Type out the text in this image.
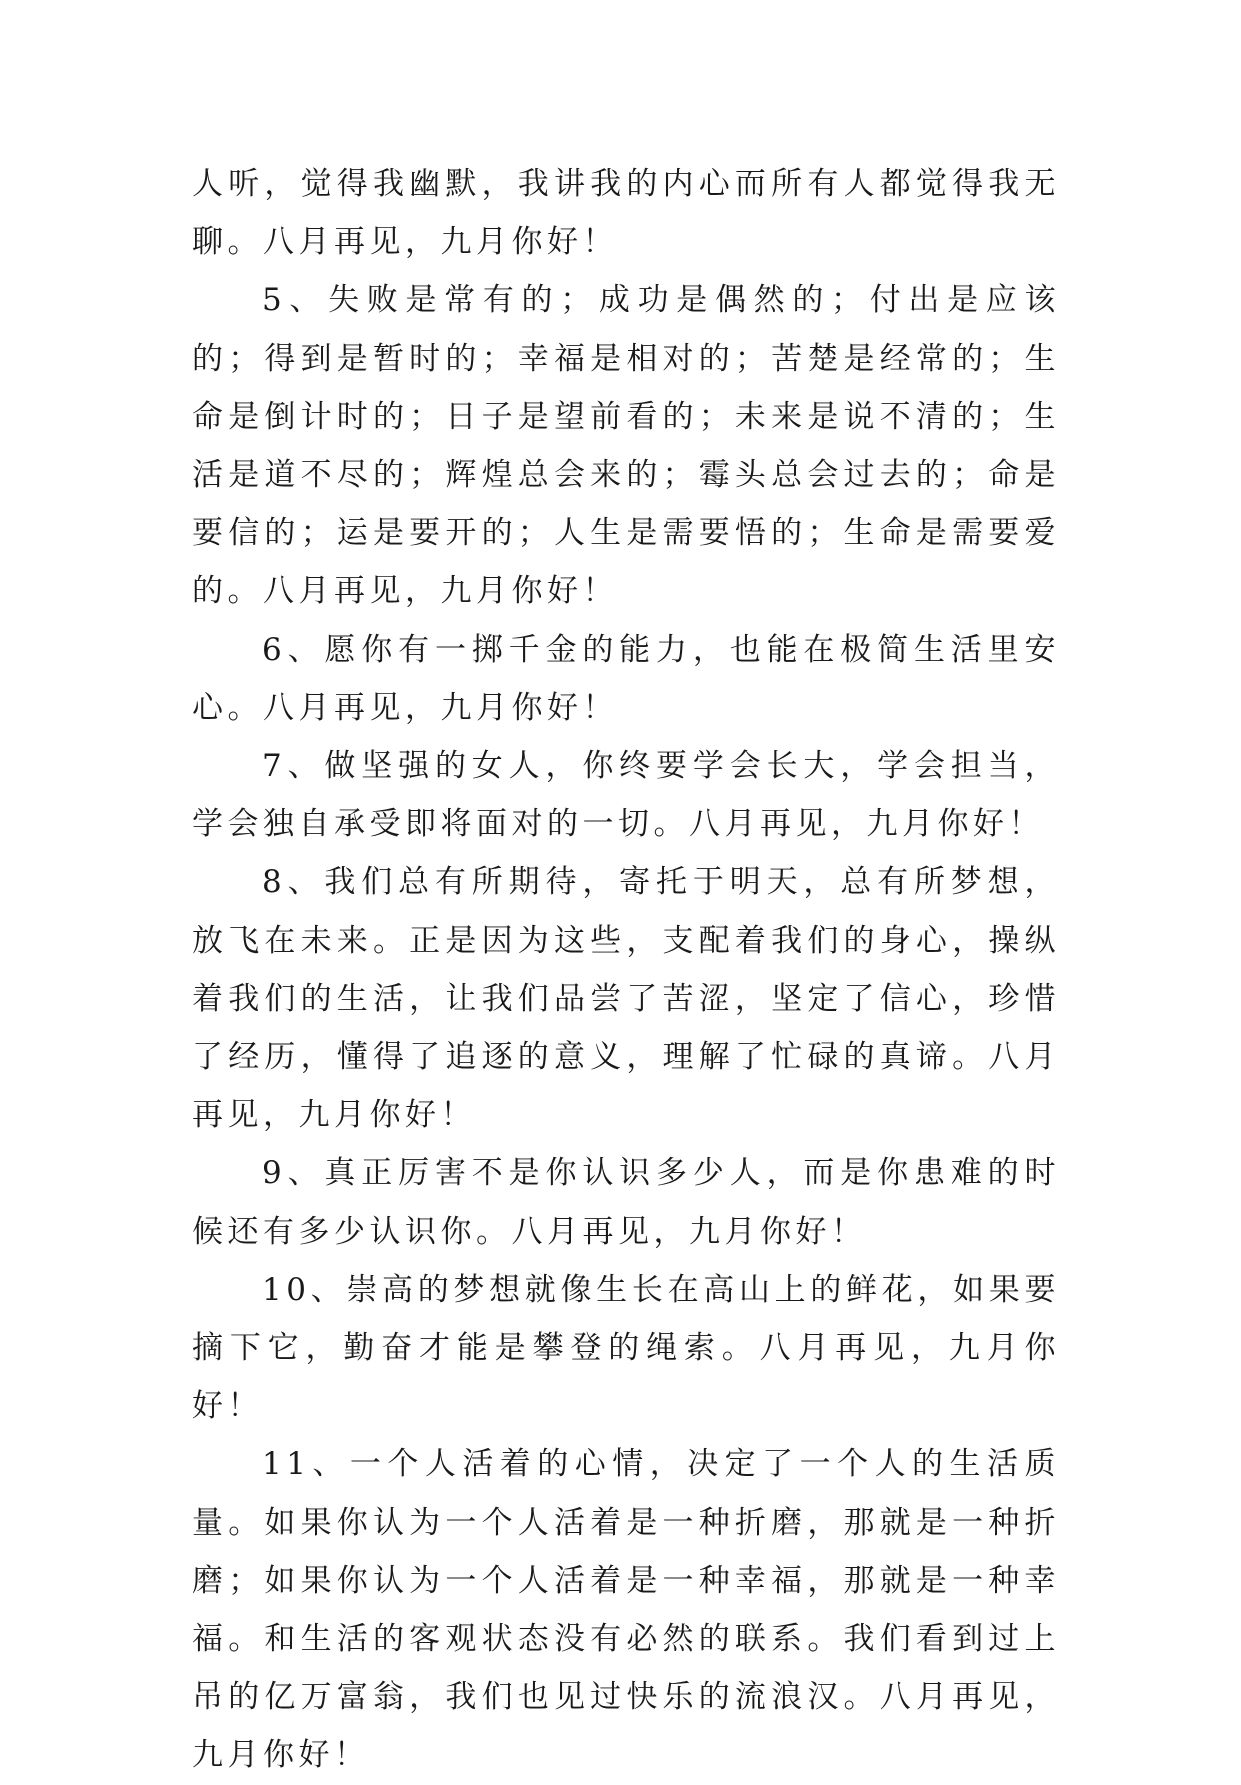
人听，觉得我幽默，我讲我的内心而所有人都觉得我无聊。八月再见，九月你好！

5、失败是常有的；成功是偶然的；付出是应该的；得到是暂时的；幸福是相对的；苦楚是经常的；生命是倒计时的；日子是望前看的；未来是说不清的；生活是道不尽的；辉煌总会来的；霉头总会过去的；命是要信的；运是要开的；人生是需要悟的；生命是需要爱的。八月再见，九月你好！

6、愿你有一掷千金的能力，也能在极简生活里安心。八月再见，九月你好！

7、做坚强的女人，你终要学会长大，学会担当，学会独自承受即将面对的一切。八月再见，九月你好！

8、我们总有所期待，寄托于明天，总有所梦想，放飞在未来。正是因为这些，支配着我们的身心，操纵着我们的生活，让我们品尝了苦涩，坚定了信心，珍惜了经历，懂得了追逐的意义，理解了忙碌的真谛。八月再见，九月你好！

9、真正厉害不是你认识多少人，而是你患难的时候还有多少认识你。八月再见，九月你好！

10、崇高的梦想就像生长在高山上的鲜花，如果要摘下它，勤奋才能是攀登的绳索。八月再见，九月你好！

11、一个人活着的心情，决定了一个人的生活质量。如果你认为一个人活着是一种折磨，那就是一种折磨；如果你认为一个人活着是一种幸福，那就是一种幸福。和生活的客观状态没有必然的联系。我们看到过上吊的亿万富翁，我们也见过快乐的流浪汉。八月再见，九月你好！
